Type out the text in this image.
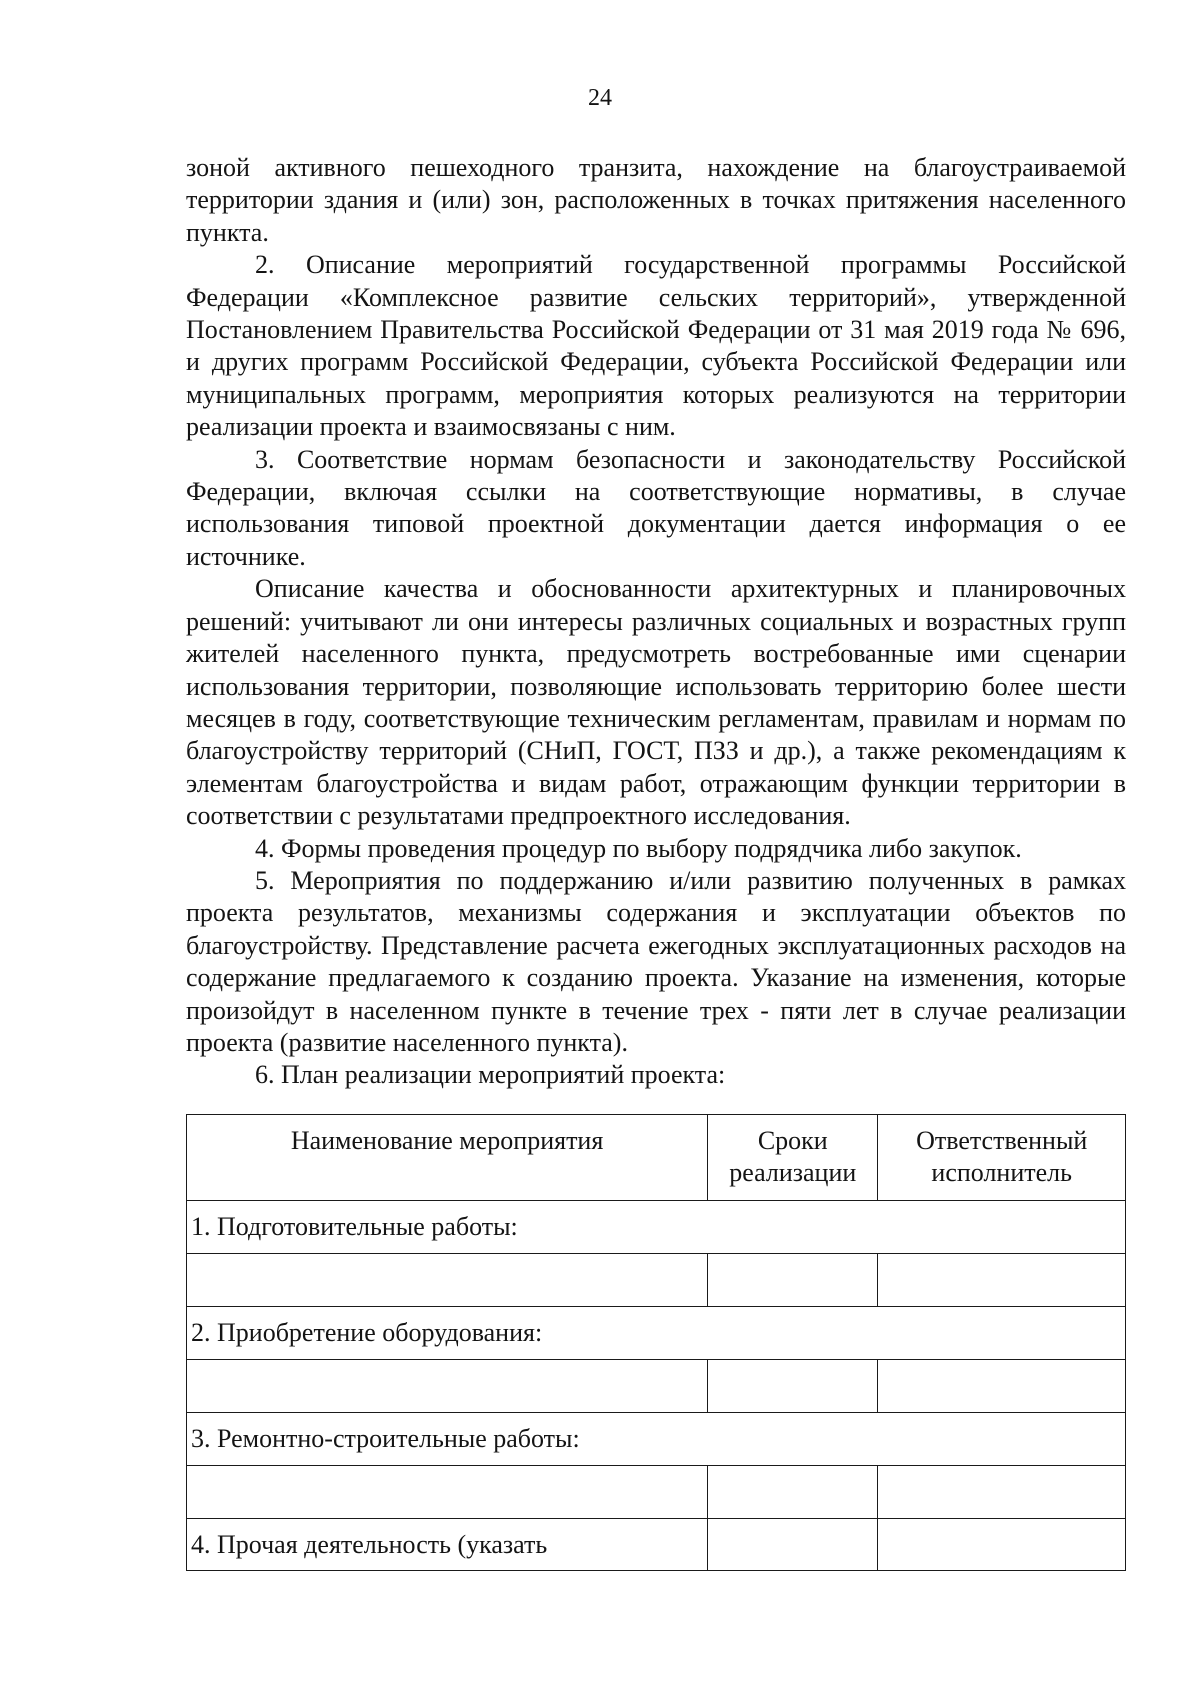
24

зоной активного пешеходного транзита, нахождение на благоустраиваемой территории здания и (или) зон, расположенных в точках притяжения населенного пункта.

2. Описание мероприятий государственной программы Российской Федерации «Комплексное развитие сельских территорий», утвержденной Постановлением Правительства Российской Федерации от 31 мая 2019 года № 696, и других программ Российской Федерации, субъекта Российской Федерации или муниципальных программ, мероприятия которых реализуются на территории реализации проекта и взаимосвязаны с ним.

3. Соответствие нормам безопасности и законодательству Российской Федерации, включая ссылки на соответствующие нормативы, в случае использования типовой проектной документации дается информация о ее источнике.

Описание качества и обоснованности архитектурных и планировочных решений: учитывают ли они интересы различных социальных и возрастных групп жителей населенного пункта, предусмотреть востребованные ими сценарии использования территории, позволяющие использовать территорию более шести месяцев в году, соответствующие техническим регламентам, правилам и нормам по благоустройству территорий (СНиП, ГОСТ, ПЗЗ и др.), а также рекомендациям к элементам благоустройства и видам работ, отражающим функции территории в соответствии с результатами предпроектного исследования.

4. Формы проведения процедур по выбору подрядчика либо закупок.

5. Мероприятия по поддержанию и/или развитию полученных в рамках проекта результатов, механизмы содержания и эксплуатации объектов по благоустройству. Представление расчета ежегодных эксплуатационных расходов на содержание предлагаемого к созданию проекта. Указание на изменения, которые произойдут в населенном пункте в течение трех - пяти лет в случае реализации проекта (развитие населенного пункта).

6. План реализации мероприятий проекта:

Наименование мероприятия	Сроки реализации	Ответственный исполнитель
1. Подготовительные работы:		

2. Приобретение оборудования:		

3. Ремонтно-строительные работы:		

4. Прочая деятельность (указать		
